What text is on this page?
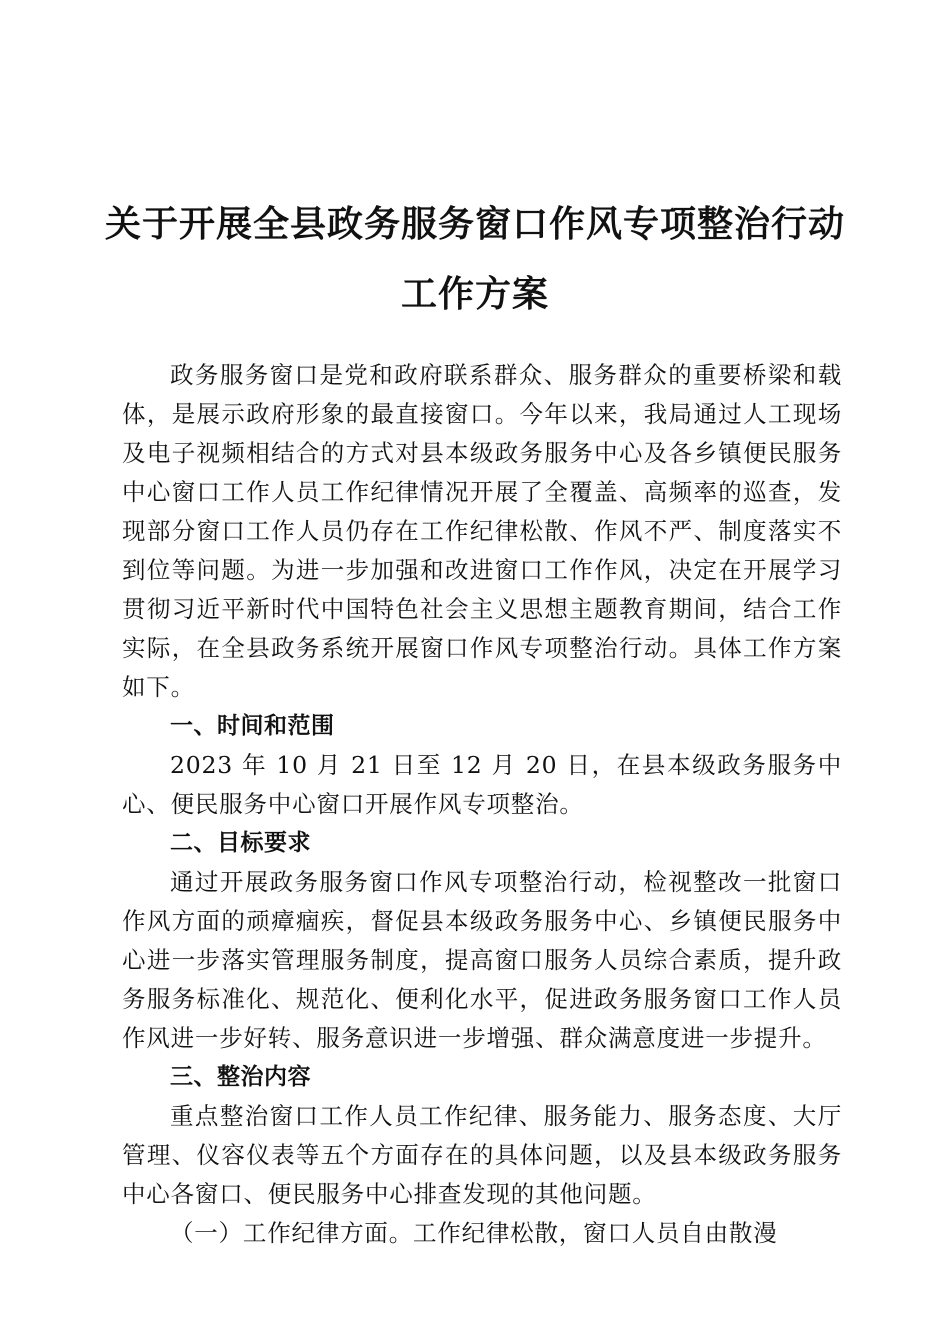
关于开展全县政务服务窗口作风专项整治行动
工作方案

政务服务窗口是党和政府联系群众、服务群众的重要桥梁和载体，是展示政府形象的最直接窗口。今年以来，我局通过人工现场及电子视频相结合的方式对县本级政务服务中心及各乡镇便民服务中心窗口工作人员工作纪律情况开展了全覆盖、高频率的巡查，发现部分窗口工作人员仍存在工作纪律松散、作风不严、制度落实不到位等问题。为进一步加强和改进窗口工作作风，决定在开展学习贯彻习近平新时代中国特色社会主义思想主题教育期间，结合工作实际，在全县政务系统开展窗口作风专项整治行动。具体工作方案如下。

一、时间和范围

2023 年 10 月 21 日至 12 月 20 日，在县本级政务服务中心、便民服务中心窗口开展作风专项整治。

二、目标要求

通过开展政务服务窗口作风专项整治行动，检视整改一批窗口作风方面的顽瘴痼疾，督促县本级政务服务中心、乡镇便民服务中心进一步落实管理服务制度，提高窗口服务人员综合素质，提升政务服务标准化、规范化、便利化水平，促进政务服务窗口工作人员作风进一步好转、服务意识进一步增强、群众满意度进一步提升。

三、整治内容

重点整治窗口工作人员工作纪律、服务能力、服务态度、大厅管理、仪容仪表等五个方面存在的具体问题，以及县本级政务服务中心各窗口、便民服务中心排查发现的其他问题。

（一）工作纪律方面。工作纪律松散，窗口人员自由散漫
